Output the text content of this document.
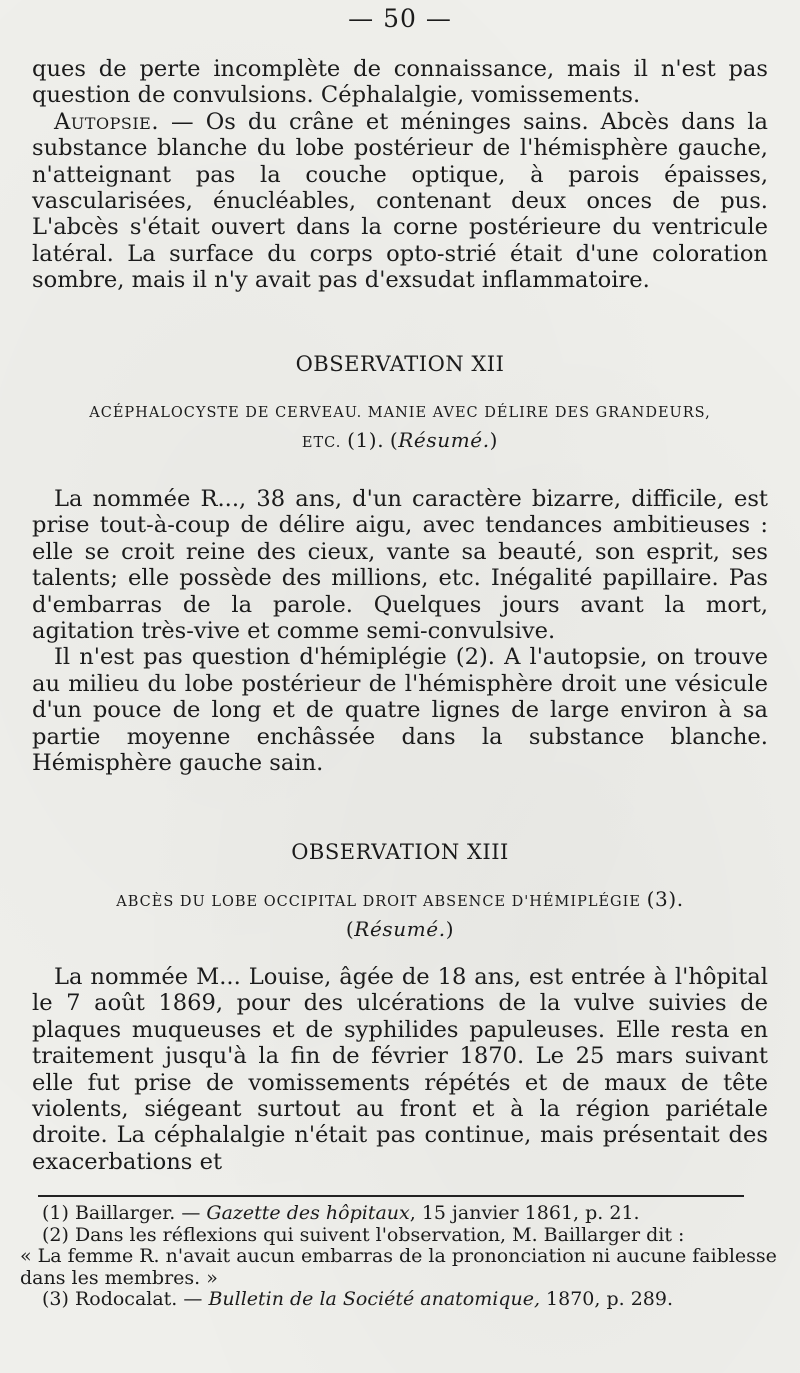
— 50 —

ques de perte incomplète de connaissance, mais il n'est pas question de convulsions. Céphalalgie, vomissements.

Autopsie. — Os du crâne et méninges sains. Abcès dans la substance blanche du lobe postérieur de l'hémisphère gauche, n'atteignant pas la couche optique, à parois épaisses, vascularisées, énucléables, contenant deux onces de pus. L'abcès s'était ouvert dans la corne postérieure du ventricule latéral. La surface du corps opto-strié était d'une coloration sombre, mais il n'y avait pas d'exsudat inflammatoire.

OBSERVATION XII
ACÉPHALOCYSTE DE CERVEAU. MANIE AVEC DÉLIRE DES GRANDEURS,
ETC. (1). (Résumé.)

La nommée R..., 38 ans, d'un caractère bizarre, difficile, est prise tout-à-coup de délire aigu, avec tendances ambitieuses : elle se croit reine des cieux, vante sa beauté, son esprit, ses talents; elle possède des millions, etc. Inégalité papillaire. Pas d'embarras de la parole. Quelques jours avant la mort, agitation très-vive et comme semi-convulsive.

Il n'est pas question d'hémiplégie (2). A l'autopsie, on trouve au milieu du lobe postérieur de l'hémisphère droit une vésicule d'un pouce de long et de quatre lignes de large environ à sa partie moyenne enchâssée dans la substance blanche. Hémisphère gauche sain.

OBSERVATION XIII
ABCÈS DU LOBE OCCIPITAL DROIT ABSENCE D'HÉMIPLÉGIE (3).
(Résumé.)

La nommée M... Louise, âgée de 18 ans, est entrée à l'hôpital le 7 août 1869, pour des ulcérations de la vulve suivies de plaques muqueuses et de syphilides papuleuses. Elle resta en traitement jusqu'à la fin de février 1870. Le 25 mars suivant elle fut prise de vomissements répétés et de maux de tête violents, siégeant surtout au front et à la région pariétale droite. La céphalalgie n'était pas continue, mais présentait des exacerbations et

(1) Baillarger. — Gazette des hôpitaux, 15 janvier 1861, p. 21.

(2) Dans les réflexions qui suivent l'observation, M. Baillarger dit :

« La femme R. n'avait aucun embarras de la prononciation ni aucune faiblesse dans les membres. »

(3) Rodocalat. — Bulletin de la Société anatomique, 1870, p. 289.
